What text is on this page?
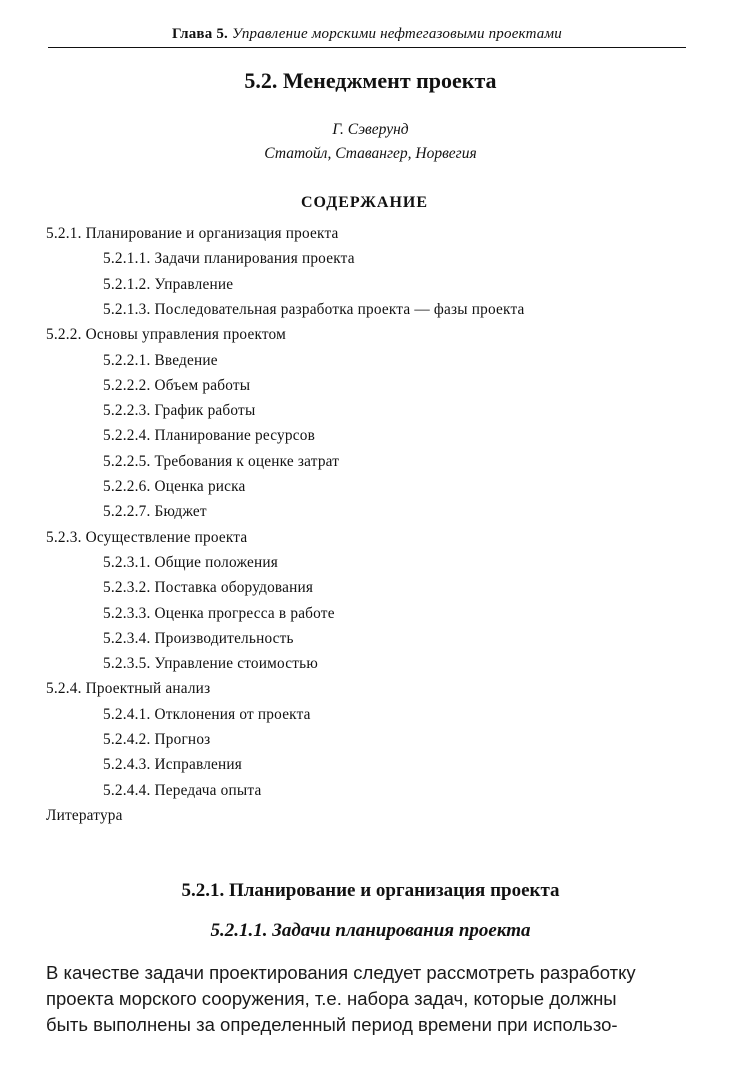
Глава 5. Управление морскими нефтегазовыми проектами
5.2. Менеджмент проекта
Г. Сэверунд
Статойл, Ставангер, Норвегия
СОДЕРЖАНИЕ
5.2.1. Планирование и организация проекта
5.2.1.1. Задачи планирования проекта
5.2.1.2. Управление
5.2.1.3. Последовательная разработка проекта — фазы проекта
5.2.2. Основы управления проектом
5.2.2.1. Введение
5.2.2.2. Объем работы
5.2.2.3. График работы
5.2.2.4. Планирование ресурсов
5.2.2.5. Требования к оценке затрат
5.2.2.6. Оценка риска
5.2.2.7. Бюджет
5.2.3. Осуществление проекта
5.2.3.1. Общие положения
5.2.3.2. Поставка оборудования
5.2.3.3. Оценка прогресса в работе
5.2.3.4. Производительность
5.2.3.5. Управление стоимостью
5.2.4. Проектный анализ
5.2.4.1. Отклонения от проекта
5.2.4.2. Прогноз
5.2.4.3. Исправления
5.2.4.4. Передача опыта
Литература
5.2.1. Планирование и организация проекта
5.2.1.1. Задачи планирования проекта
В качестве задачи проектирования следует рассмотреть разработку
проекта морского сооружения, т.е. набора задач, которые должны
быть выполнены за определенный период времени при использо-
